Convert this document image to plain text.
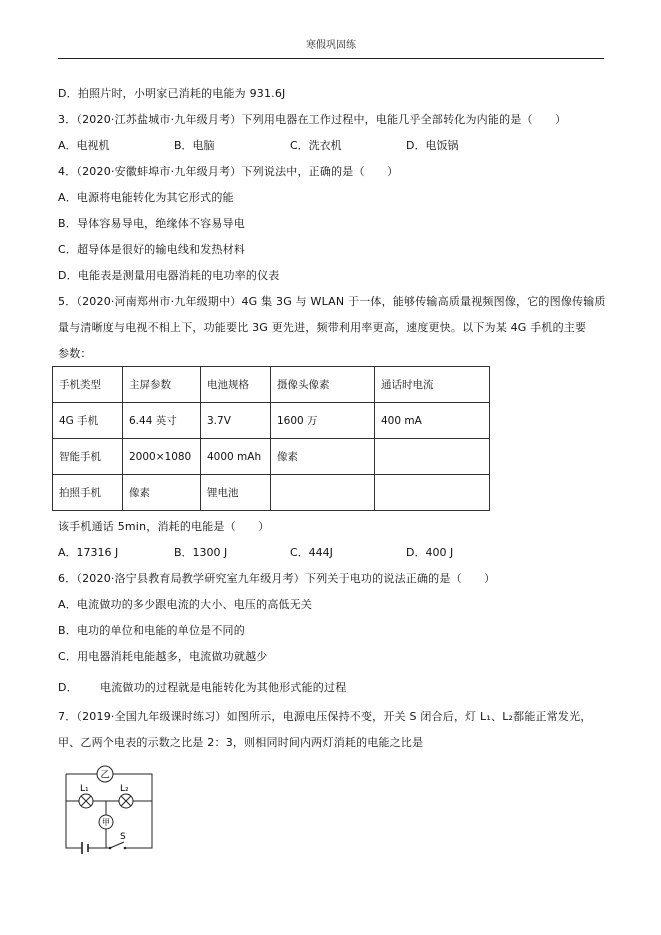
寒假巩固练
D．拍照片时，小明家已消耗的电能为 931.6J
3．（2020·江苏盐城市·九年级月考）下列用电器在工作过程中，电能几乎全部转化为内能的是（　　）
A．电视机	B．电脑	C．洗衣机	D．电饭锅
4．（2020·安徽蚌埠市·九年级月考）下列说法中，正确的是（　　）
A．电源将电能转化为其它形式的能
B．导体容易导电，绝缘体不容易导电
C．超导体是很好的输电线和发热材料
D．电能表是测量用电器消耗的电功率的仪表
5．（2020·河南郑州市·九年级期中）4G 集 3G 与 WLAN 于一体，能够传输高质量视频图像，它的图像传输质
量与清晰度与电视不相上下，功能要比 3G 更先进，频带利用率更高，速度更快。以下为某 4G 手机的主要
参数：
手机类型	主屏参数	电池规格	摄像头像素	通话时电流
4G 手机	6.44 英寸	3.7V	1600 万	400 mA
智能手机	2000×1080	4000 mAh	像素	
拍照手机	像素	锂电池		
该手机通话 5min，消耗的电能是（　　）
A．17316 J	B．1300 J	C．444J	D．400 J
6．（2020·洛宁县教育局教学研究室九年级月考）下列关于电功的说法正确的是（　　）
A．电流做功的多少跟电流的大小、电压的高低无关
B．电功的单位和电能的单位是不同的
C．用电器消耗电能越多，电流做功就越少
D． 电流做功的过程就是电能转化为其他形式能的过程
7．（2019·全国九年级课时练习）如图所示，电源电压保持不变，开关 S 闭合后，灯 L₁、L₂都能正常发光，
甲、乙两个电表的示数之比是 2：3，则相同时间内两灯消耗的电能之比是
乙
甲
L₁	L₂
S
